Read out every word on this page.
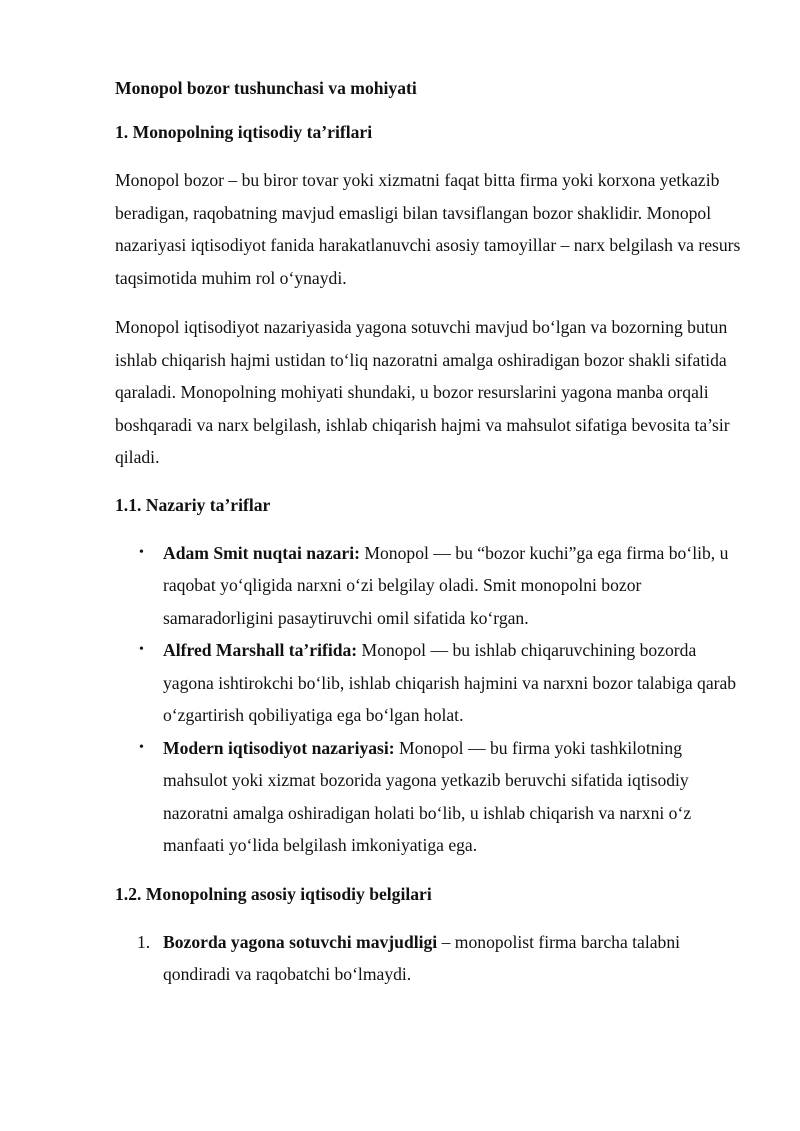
Monopol bozor tushunchasi va mohiyati
1. Monopolning iqtisodiy ta’riflari

Monopol bozor – bu biror tovar yoki xizmatni faqat bitta firma yoki korxona yetkazib beradigan, raqobatning mavjud emasligi bilan tavsiflangan bozor shaklidir. Monopol nazariyasi iqtisodiyot fanida harakatlanuvchi asosiy tamoyillar – narx belgilash va resurs taqsimotida muhim rol o‘ynaydi.

Monopol iqtisodiyot nazariyasida yagona sotuvchi mavjud bo‘lgan va bozorning butun ishlab chiqarish hajmi ustidan to‘liq nazoratni amalga oshiradigan bozor shakli sifatida qaraladi. Monopolning mohiyati shundaki, u bozor resurslarini yagona manba orqali boshqaradi va narx belgilash, ishlab chiqarish hajmi va mahsulot sifatiga bevosita ta’sir qiladi.

1.1. Nazariy ta’riflar
• Adam Smit nuqtai nazari: Monopol — bu “bozor kuchi”ga ega firma bo‘lib, u raqobat yo‘qligida narxni o‘zi belgilay oladi. Smit monopolni bozor samaradorligini pasaytiruvchi omil sifatida ko‘rgan.
• Alfred Marshall ta’rifida: Monopol — bu ishlab chiqaruvchining bozorda yagona ishtirokchi bo‘lib, ishlab chiqarish hajmini va narxni bozor talabiga qarab o‘zgartirish qobiliyatiga ega bo‘lgan holat.
• Modern iqtisodiyot nazariyasi: Monopol — bu firma yoki tashkilotning mahsulot yoki xizmat bozorida yagona yetkazib beruvchi sifatida iqtisodiy nazoratni amalga oshiradigan holati bo‘lib, u ishlab chiqarish va narxni o‘z manfaati yo‘lida belgilash imkoniyatiga ega.
1.2. Monopolning asosiy iqtisodiy belgilari
1. Bozorda yagona sotuvchi mavjudligi – monopolist firma barcha talabni qondiradi va raqobatchi bo‘lmaydi.
